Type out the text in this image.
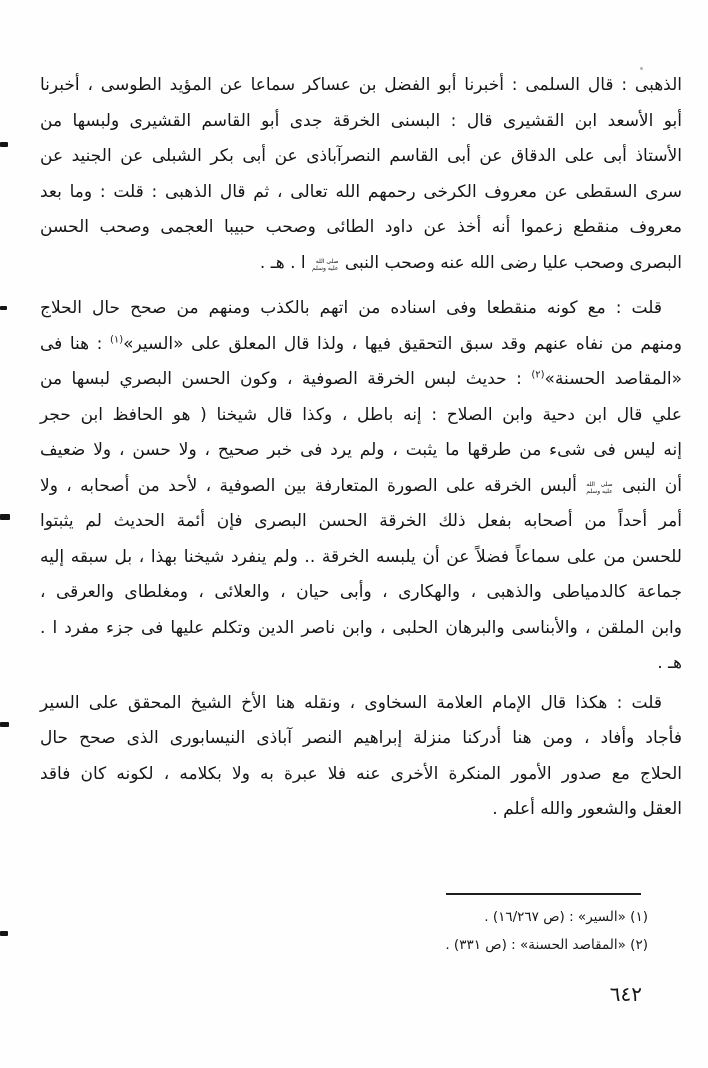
الذهبى : قال السلمى : أخبرنا أبو الفضل بن عساكر سماعا عن المؤيد الطوسى ، أخبرنا
أبو الأسعد ابن القشيرى قال : البسنى الخرقة جدى أبو القاسم القشيرى ولبسها من
الأستاذ أبى على الدقاق عن أبى القاسم النصرآباذى عن أبى بكر الشبلى عن الجنيد عن
سرى السقطى عن معروف الكرخى رحمهم الله تعالى ، ثم قال الذهبى : قلت : وما بعد
معروف منقطع زعموا أنه أخذ عن داود الطائى وصحب حبيبا العجمى وصحب الحسن
البصرى وصحب عليا رضى الله عنه وصحب النبى
صلى الله
عليه وسلم
ا . هـ .
قلت : مع كونه منقطعا وفى اسناده من اتهم بالكذب ومنهم من صحح حال الحلاج
ومنهم من نفاه عنهم وقد سبق التحقيق فيها ، ولذا قال المعلق على «السير»$^{(١)}$ : هنا فى
«المقاصد الحسنة»$^{(٢)}$ : حديث لبس الخرقة الصوفية ، وكون الحسن البصري لبسها من
علي قال ابن دحية وابن الصلاح : إنه باطل ، وكذا قال شيخنا ( هو الحافظ ابن حجر
إنه ليس فى شىء من طرقها ما يثبت ، ولم يرد فى خبر صحيح ، ولا حسن ، ولا ضعيف
أن النبى
صلى الله
عليه وسلم
ألبس الخرقه على الصورة المتعارفة بين الصوفية ، لأحد من أصحابه ، ولا
أمر أحداً من أصحابه بفعل ذلك الخرقة الحسن البصرى فإن أئمة الحديث لم يثبتوا
للحسن من على سماعاً فضلاً عن أن يلبسه الخرقة .. ولم ينفرد شيخنا بهذا ، بل سبقه إليه
جماعة كالدمياطى والذهبى ، والهكارى ، وأبى حيان ، والعلائى ، ومغلطاى والعرقى ،
وابن الملقن ، والأبناسى والبرهان الحلبى ، وابن ناصر الدين وتكلم عليها فى جزء مفرد ا .
هـ .
قلت : هكذا قال الإمام العلامة السخاوى ، ونقله هنا الأخ الشيخ المحقق على السير
فأجاد وأفاد ، ومن هنا أدركنا منزلة إبراهيم النصر آباذى النيسابورى الذى صحح حال
الحلاج مع صدور الأمور المنكرة الأخرى عنه فلا عبرة به ولا بكلامه ، لكونه كان فاقد
العقل والشعور والله أعلم .
(١) «السير» : (ص ١٦/٢٦٧) .
(٢) «المقاصد الحسنة» : (ص ٣٣١) .
٦٤٢
